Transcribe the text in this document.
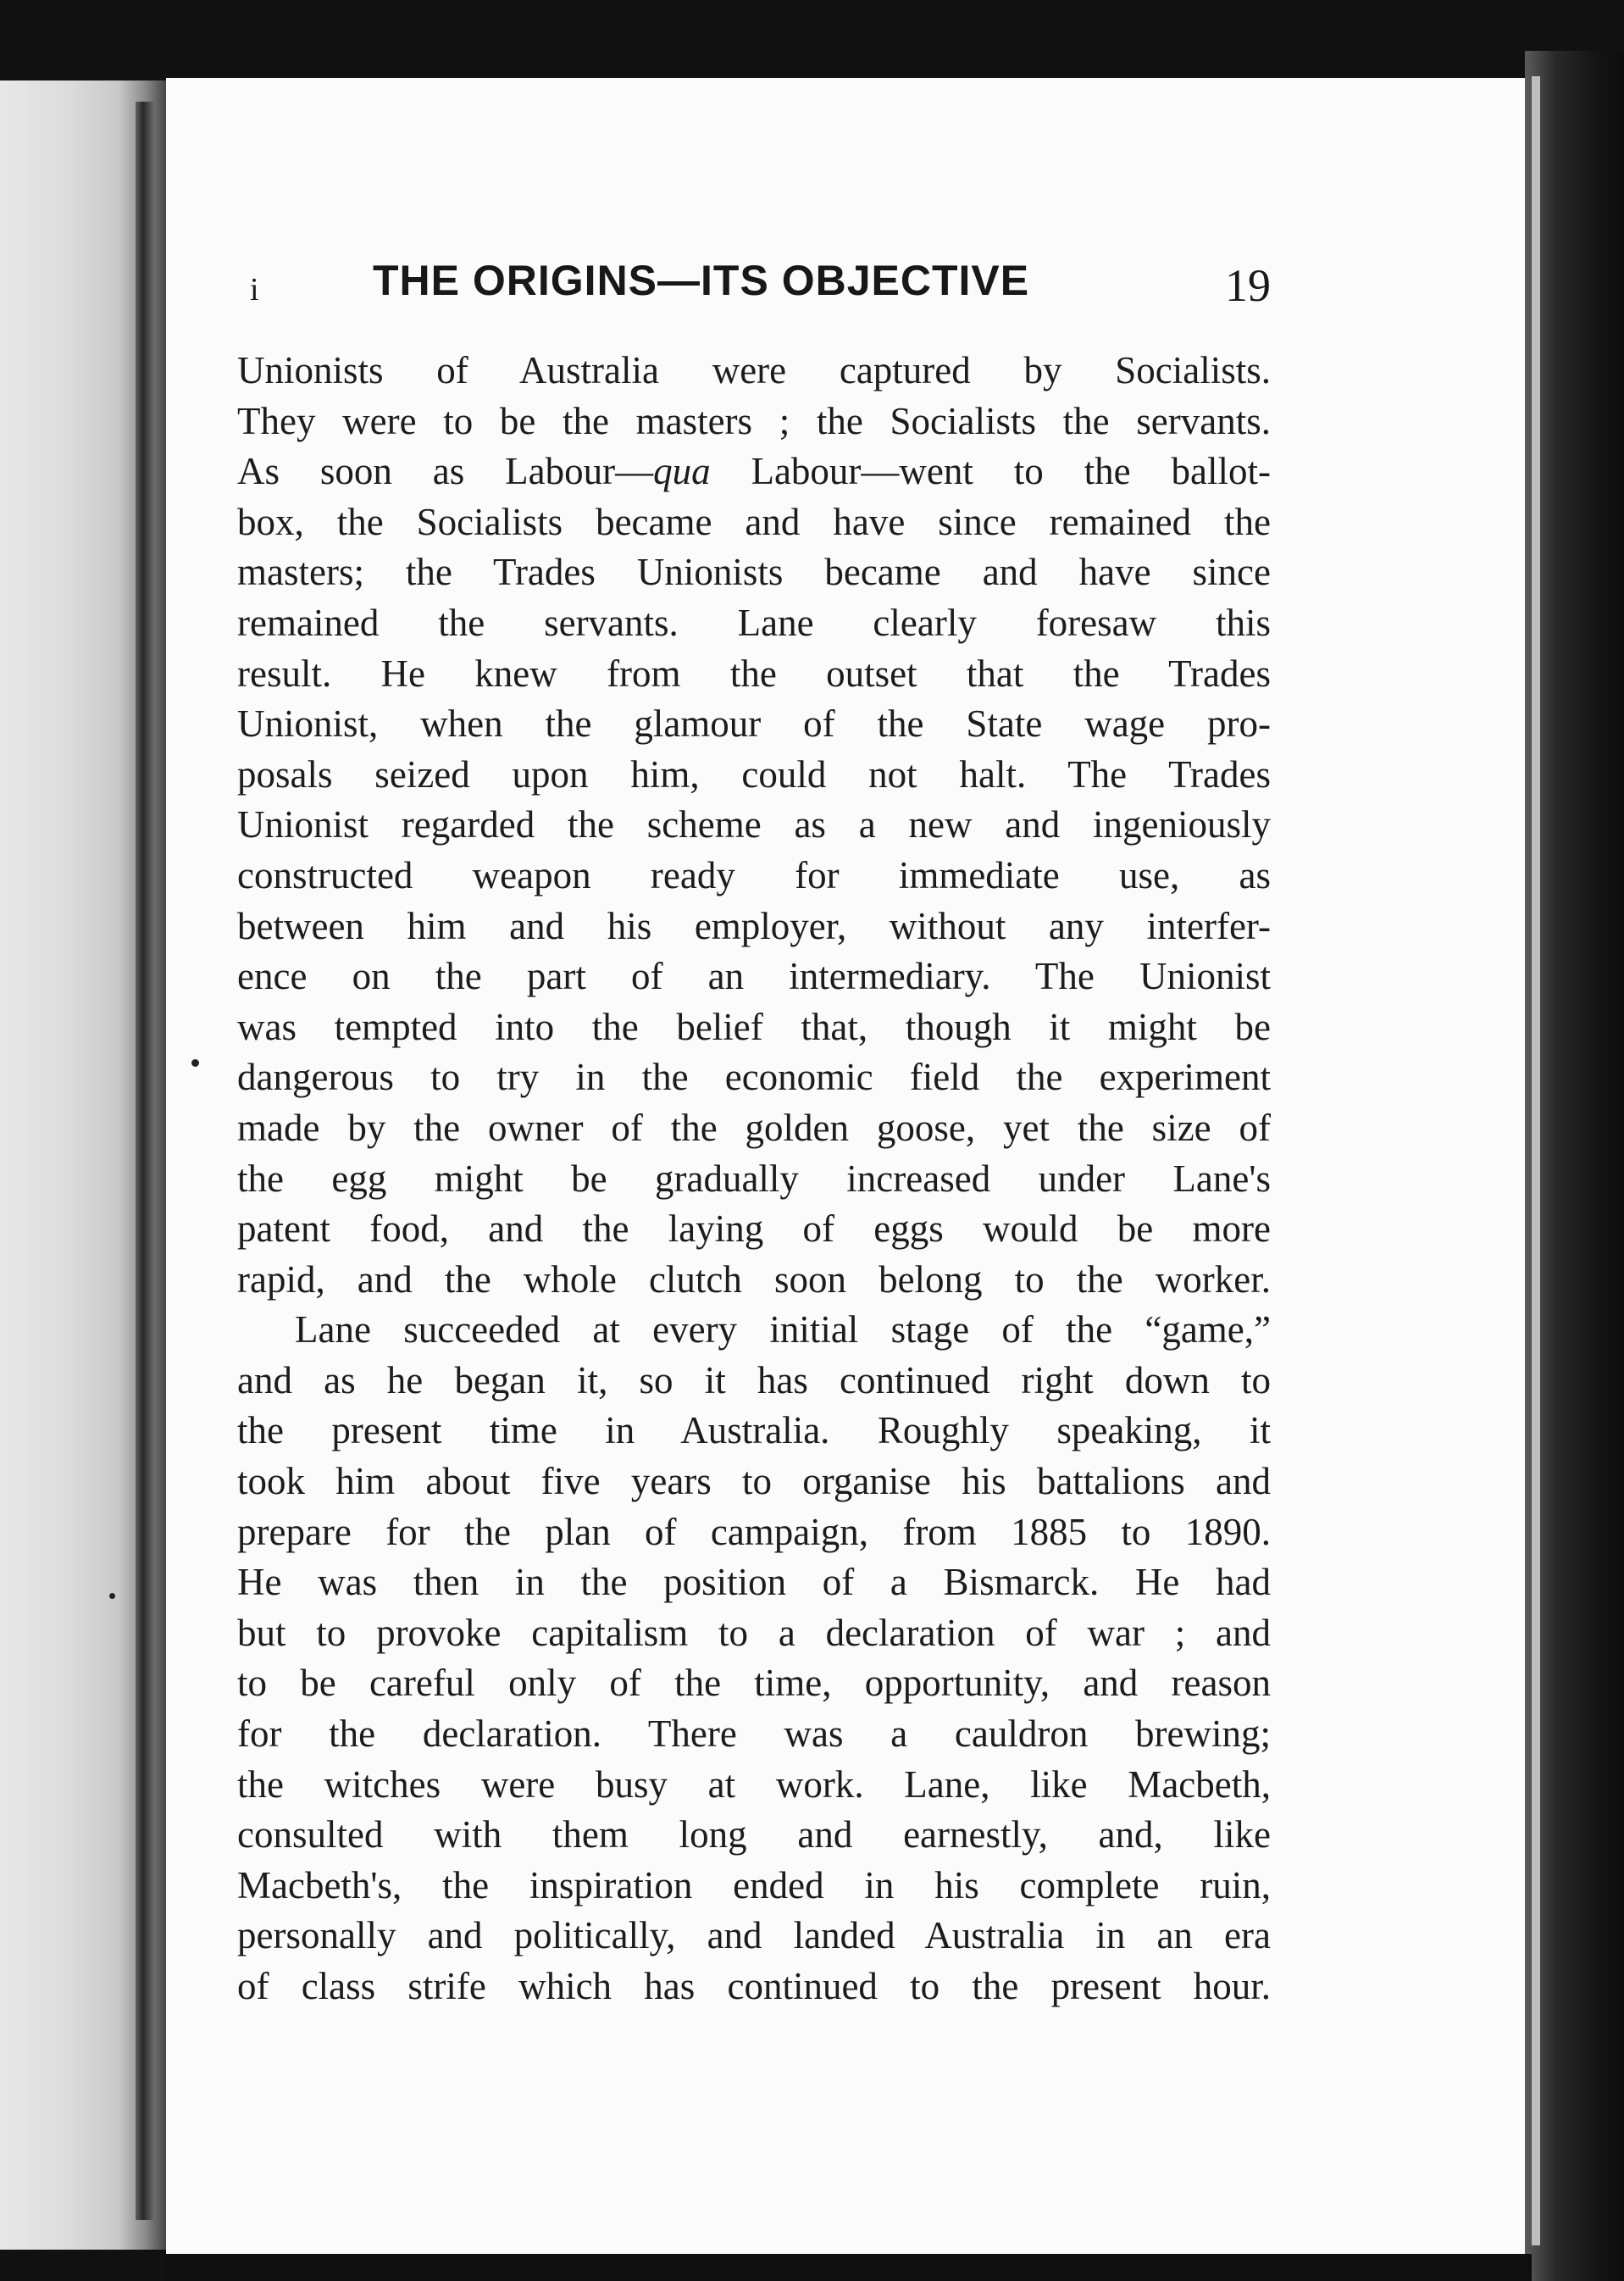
i	THE ORIGINS—ITS OBJECTIVE	19
Unionists of Australia were captured by Socialists.
They were to be the masters ; the Socialists the servants.
As soon as Labour—qua Labour—went to the ballot-
box, the Socialists became and have since remained the
masters; the Trades Unionists became and have since
remained the servants. Lane clearly foresaw this
result. He knew from the outset that the Trades
Unionist, when the glamour of the State wage pro-
posals seized upon him, could not halt. The Trades
Unionist regarded the scheme as a new and ingeniously
constructed weapon ready for immediate use, as
between him and his employer, without any interfer-
ence on the part of an intermediary. The Unionist
was tempted into the belief that, though it might be
dangerous to try in the economic field the experiment
made by the owner of the golden goose, yet the size of
the egg might be gradually increased under Lane's
patent food, and the laying of eggs would be more
rapid, and the whole clutch soon belong to the worker.
Lane succeeded at every initial stage of the “game,”
and as he began it, so it has continued right down to
the present time in Australia. Roughly speaking, it
took him about five years to organise his battalions and
prepare for the plan of campaign, from 1885 to 1890.
He was then in the position of a Bismarck. He had
but to provoke capitalism to a declaration of war ; and
to be careful only of the time, opportunity, and reason
for the declaration. There was a cauldron brewing;
the witches were busy at work. Lane, like Macbeth,
consulted with them long and earnestly, and, like
Macbeth's, the inspiration ended in his complete ruin,
personally and politically, and landed Australia in an era
of class strife which has continued to the present hour.
